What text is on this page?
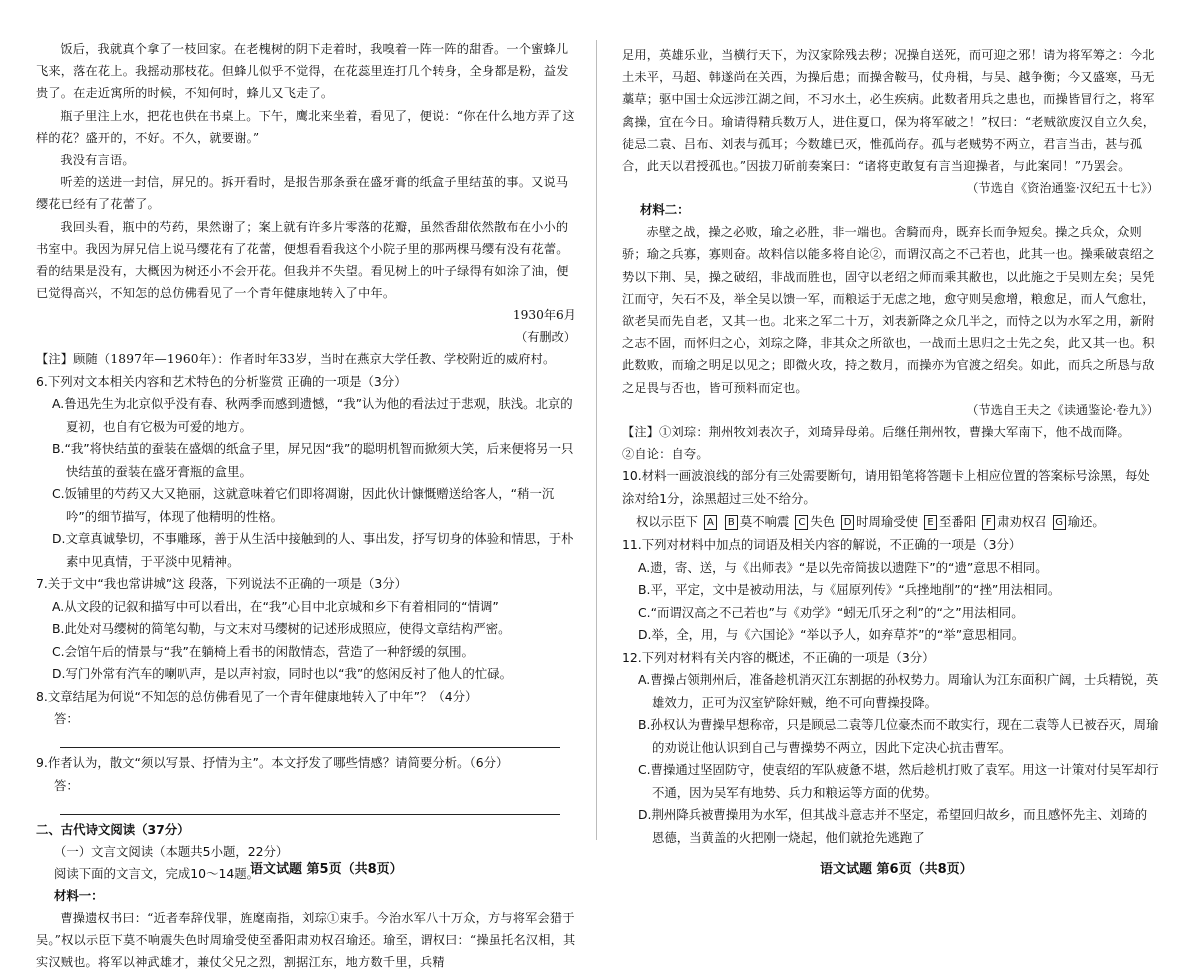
饭后，我就真个拿了一枝回家。在老槐树的阴下走着时，我嗅着一阵一阵的甜香。一个蜜蜂儿飞来，落在花上。我摇动那枝花。但蜂儿似乎不觉得，在花蕊里连打几个转身，全身都是粉，益发贵了。在走近寓所的时候，不知何时，蜂儿又飞走了。

瓶子里注上水，把花也供在书桌上。下午，鹰北来坐着，看见了，便说：“你在什么地方弄了这样的花？盛开的，不好。不久，就要谢。”

我没有言语。

听差的送进一封信，屏兄的。拆开看时，是报告那条蚕在盛牙膏的纸盒子里结茧的事。又说马缨花已经有了花蕾了。

我回头看，瓶中的芍药，果然谢了；案上就有许多片零落的花瓣，虽然香甜依然散布在小小的书室中。我因为屏兄信上说马缨花有了花蕾，便想看看我这个小院子里的那两棵马缨有没有花蕾。看的结果是没有，大概因为树还小不会开花。但我并不失望。看见树上的叶子绿得有如涂了油，便已觉得高兴，不知怎的总仿佛看见了一个青年健康地转入了中年。

1930年6月

（有删改）

【注】顾随（1897年—1960年）：作者时年33岁，当时在燕京大学任教、学校附近的威府村。

6.下列对文本相关内容和艺术特色的分析鉴赏 正确的一项是（3分）

A.鲁迅先生为北京似乎没有春、秋两季而感到遗憾，“我”认为他的看法过于悲观，肤浅。北京的夏初，也自有它极为可爱的地方。

B.“我”将快结茧的蚕装在盛烟的纸盒子里，屏兄因“我”的聪明机智而掀须大笑，后来便将另一只快结茧的蚕装在盛牙膏瓶的盒里。

C.饭铺里的芍药又大又艳丽，这就意味着它们即将凋谢，因此伙计慷慨赠送给客人，“稍一沉吟”的细节描写，体现了他精明的性格。

D.文章真诚挚切，不事雕琢，善于从生活中接触到的人、事出发，抒写切身的体验和情思，于朴素中见真情，于平淡中见精神。

7.关于文中“我也常讲城”这 段落，下列说法不正确的一项是（3分）

A.从文段的记叙和描写中可以看出，在“我”心目中北京城和乡下有着相同的“情调”

B.此处对马缨树的简笔勾勒，与文末对马缨树的记述形成照应，使得文章结构严密。

C.会馆午后的情景与“我”在躺椅上看书的闲散情态，营造了一种舒缓的氛围。

D.写门外常有汽车的喇叭声，是以声衬寂，同时也以“我”的悠闲反衬了他人的忙碌。

8.文章结尾为何说“不知怎的总仿佛看见了一个青年健康地转入了中年”？（4分）

答：

9.作者认为，散文“须以写景、抒情为主”。本文抒发了哪些情感？请简要分析。（6分）

答：

二、古代诗文阅读（37分）

（一）文言文阅读（本题共5小题，22分）

阅读下面的文言文，完成10～14题。

材料一：

曹操遗权书曰：“近者奉辞伐罪，旌麾南指，刘琮①束手。今治水军八十万众，方与将军会猎于吴。”权以示臣下莫不响震失色时周瑜受使至番阳肃劝权召瑜还。瑜至，谓权曰：“操虽托名汉相，其实汉贼也。将军以神武雄才，兼仗父兄之烈，割据江东，地方数千里，兵精

足用，英雄乐业，当横行天下，为汉家除残去秽；况操自送死，而可迎之邪！请为将军筹之：今北土未平，马超、韩遂尚在关西，为操后患；而操舍鞍马，仗舟楫，与吴、越争衡；今又盛寒，马无藁草；驱中国士众远涉江湖之间，不习水土，必生疾病。此数者用兵之患也，而操皆冒行之，将军禽操，宜在今日。瑜请得精兵数万人，进住夏口，保为将军破之！”权曰：“老贼欲废汉自立久矣，徒忌二袁、吕布、刘表与孤耳；今数雄已灭，惟孤尚存。孤与老贼势不两立，君言当击，甚与孤合，此天以君授孤也。”因拔刀斫前奏案曰：“诸将吏敢复有言当迎操者，与此案同！”乃罢会。

（节选自《资治通鉴·汉纪五十七》）

材料二：

赤壁之战，操之必败，瑜之必胜，非一端也。舍騎而舟，既弃长而争短矣。操之兵众，众则骄；瑜之兵寡，寡则奋。故料信以能多将自论②，而谓汉高之不己若也，此其一也。操乘破袁绍之势以下荆、吴，操之破绍，非战而胜也，固守以老绍之师而乘其敝也，以此施之于吴则左矣；吴凭江而守，矢石不及，举全吴以馈一军，而粮运于无虑之地，愈守则吴愈增，粮愈足，而人气愈壮，欲老吴而先自老，又其一也。北来之军二十万，刘表新降之众几半之，而恃之以为水军之用，新附之志不固，而怀归之心，刘琮之降，非其众之所欲也，一战而土思归之士先之矣，此又其一也。积此数败，而瑜之明足以见之；即微火攻，持之数月，而操亦为官渡之绍矣。如此，而兵之所恳与敌之足畏与否也，皆可预料而定也。

（节选自王夫之《读通鉴论·卷九》）

【注】①刘琮：荆州牧刘表次子，刘琦异母弟。后继任荆州牧，曹操大军南下，他不战而降。

②自论：自夸。

10.材料一画波浪线的部分有三处需要断句，请用铅笔将答题卡上相应位置的答案标号涂黑，每处涂对给1分，涂黑超过三处不给分。

权以示臣下 A B 莫不响震 C 失色 D 时周瑜受使 E 至番阳 F 肃劝权召 G 瑜还。

11.下列对材料中加点的词语及相关内容的解说，不正确的一项是（3分）

A.遗，寄、送，与《出师表》“是以先帝简拔以遗陛下”的“遗”意思不相同。

B.平，平定，文中是被动用法，与《屈原列传》“兵挫地削”的“挫”用法相同。

C.“而谓汉高之不己若也”与《劝学》“蚓无爪牙之利”的“之”用法相同。

D.举，全，用，与《六国论》“举以予人，如弃草芥”的“举”意思相同。

12.下列对材料有关内容的概述，不正确的一项是（3分）

A.曹操占领荆州后，准备趁机消灭江东割据的孙权势力。周瑜认为江东面积广阔，士兵精锐，英雄效力，正可为汉室铲除奸贼，绝不可向曹操投降。

B.孙权认为曹操早想称帝，只是顾忌二袁等几位豪杰而不敢实行，现在二袁等人已被吞灭，周瑜的劝说让他认识到自己与曹操势不两立，因此下定决心抗击曹军。

C.曹操通过坚固防守，使袁绍的军队疲惫不堪，然后趁机打败了袁军。用这一计策对付吴军却行不通，因为吴军有地势、兵力和粮运等方面的优势。

D.荆州降兵被曹操用为水军，但其战斗意志并不坚定，希望回归故乡，而且感怀先主、刘琦的恩德，当黄盖的火把刚一烧起，他们就抢先逃跑了

语文试题 第5页（共8页）	语文试题 第6页（共8页）
